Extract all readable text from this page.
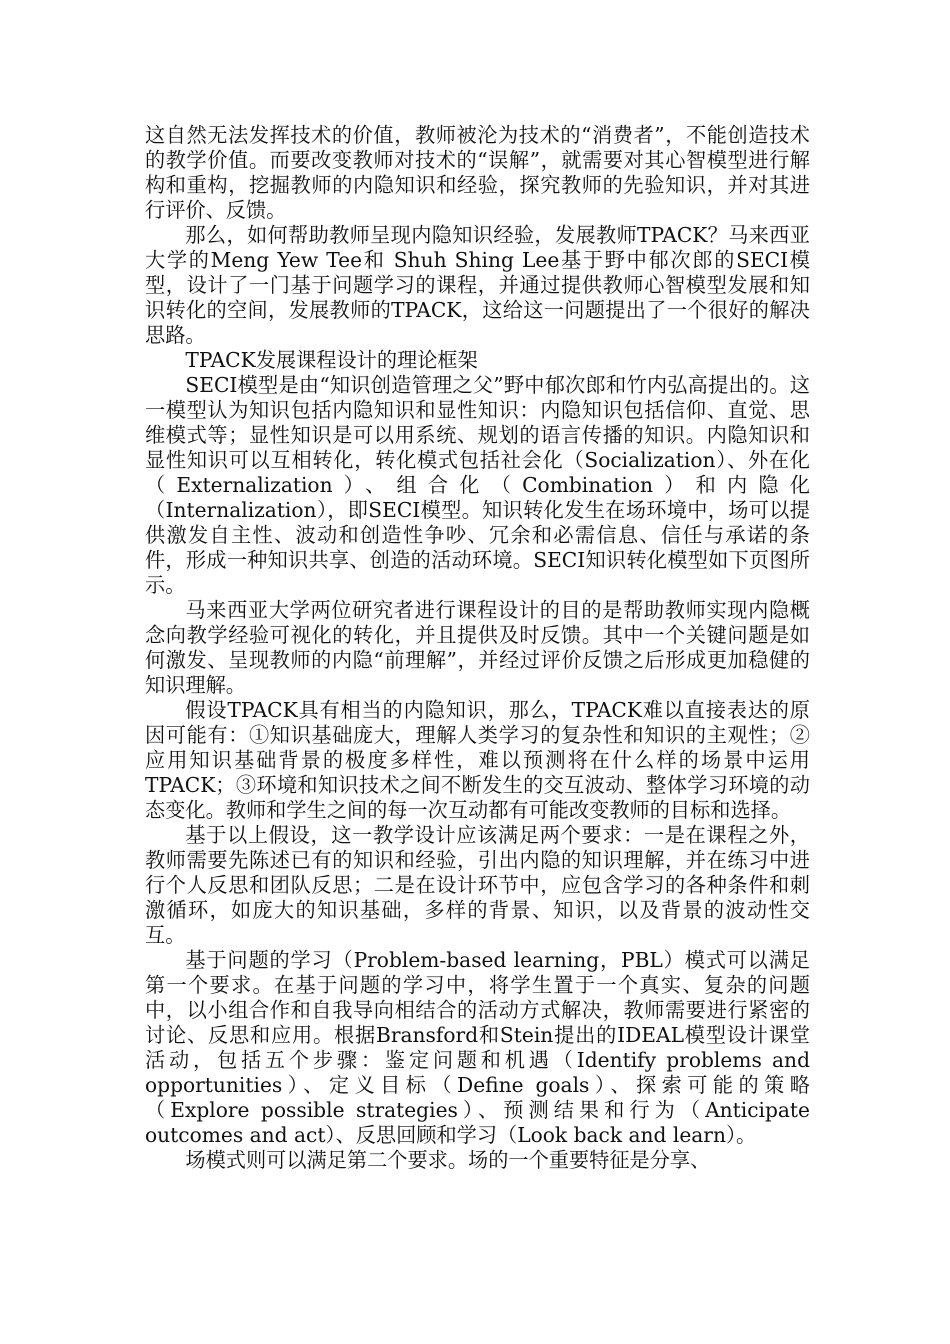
这自然无法发挥技术的价值，教师被沦为技术的“消费者”，不能创造技术的教学价值。而要改变教师对技术的“误解”，就需要对其心智模型进行解构和重构，挖掘教师的内隐知识和经验，探究教师的先验知识，并对其进行评价、反馈。

那么，如何帮助教师呈现内隐知识经验，发展教师TPACK？马来西亚大学的Meng Yew Tee和 Shuh Shing Lee基于野中郁次郎的SECI模型，设计了一门基于问题学习的课程，并通过提供教师心智模型发展和知识转化的空间，发展教师的TPACK，这给这一问题提出了一个很好的解决思路。

TPACK发展课程设计的理论框架

SECI模型是由“知识创造管理之父”野中郁次郎和竹内弘高提出的。这一模型认为知识包括内隐知识和显性知识：内隐知识包括信仰、直觉、思维模式等；显性知识是可以用系统、规划的语言传播的知识。内隐知识和显性知识可以互相转化，转化模式包括社会化（Socialization）、外在化（Externalization）、组合化（Combination）和内隐化 （Internalization），即SECI模型。知识转化发生在场环境中，场可以提供激发自主性、波动和创造性争吵、冗余和必需信息、信任与承诺的条件，形成一种知识共享、创造的活动环境。SECI知识转化模型如下页图所示。

马来西亚大学两位研究者进行课程设计的目的是帮助教师实现内隐概念向教学经验可视化的转化，并且提供及时反馈。其中一个关键问题是如何激发、呈现教师的内隐“前理解”，并经过评价反馈之后形成更加稳健的知识理解。

假设TPACK具有相当的内隐知识，那么，TPACK难以直接表达的原因可能有：①知识基础庞大，理解人类学习的复杂性和知识的主观性；②应用知识基础背景的极度多样性，难以预测将在什么样的场景中运用TPACK；③环境和知识技术之间不断发生的交互波动、整体学习环境的动态变化。教师和学生之间的每一次互动都有可能改变教师的目标和选择。

基于以上假设，这一教学设计应该满足两个要求：一是在课程之外，教师需要先陈述已有的知识和经验，引出内隐的知识理解，并在练习中进行个人反思和团队反思；二是在设计环节中，应包含学习的各种条件和刺激循环，如庞大的知识基础，多样的背景、知识，以及背景的波动性交互。

基于问题的学习（Problem-based learning，PBL）模式可以满足第一个要求。在基于问题的学习中，将学生置于一个真实、复杂的问题中，以小组合作和自我导向相结合的活动方式解决，教师需要进行紧密的讨论、反思和应用。根据Bransford和Stein提出的IDEAL模型设计课堂活动，包括五个步骤：鉴定问题和机遇（Identify problems and opportunities）、定义目标（Define goals）、探索可能的策略（Explore possible strategies）、预测结果和行为（Anticipate outcomes and act）、反思回顾和学习（Look back and learn）。

场模式则可以满足第二个要求。场的一个重要特征是分享、
